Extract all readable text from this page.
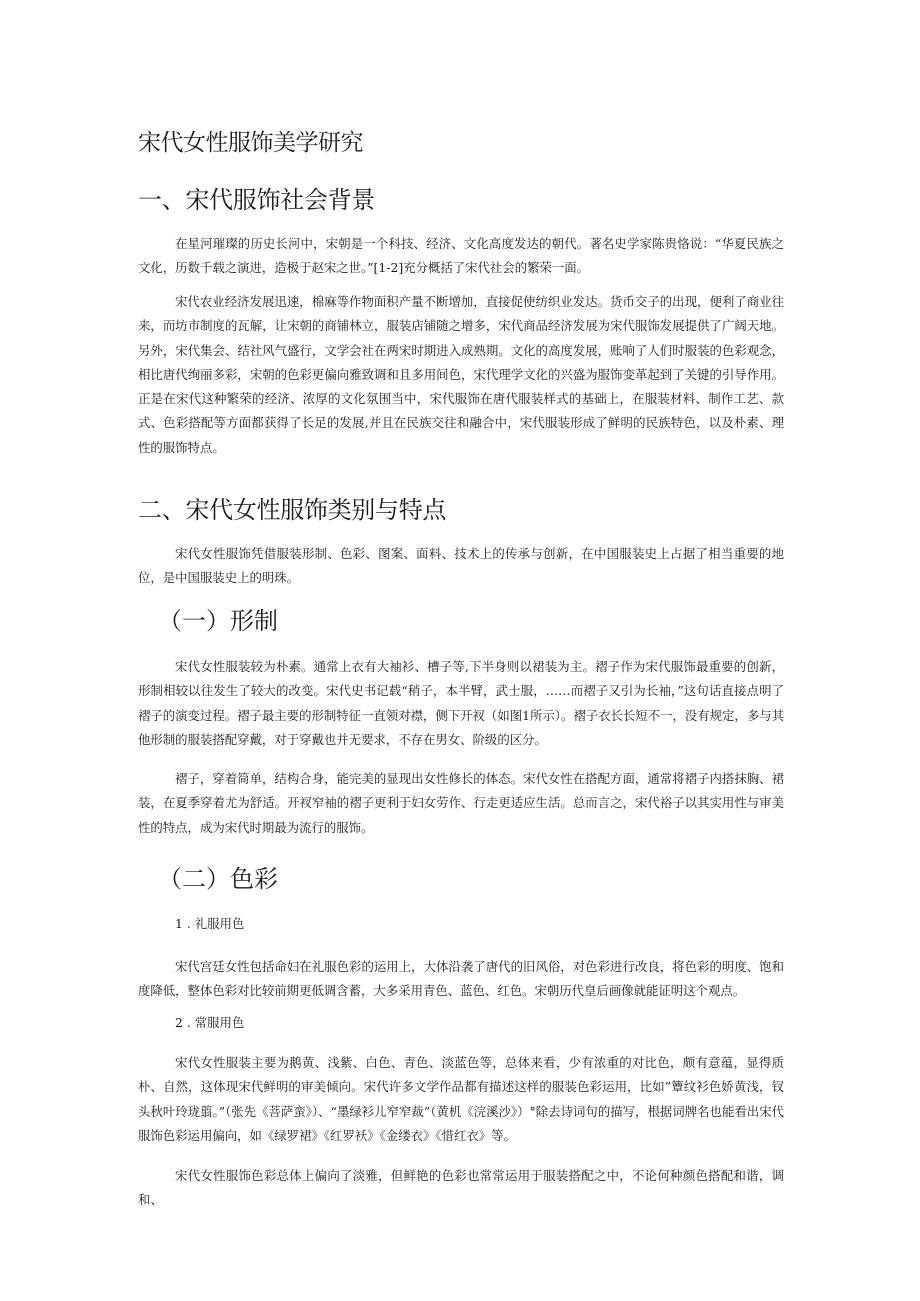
宋代女性服饰美学研究
一、宋代服饰社会背景

在星河璀璨的历史长河中，宋朝是一个科技、经济、文化高度发达的朝代。著名史学家陈贵恪说：“华夏民族之文化，历数千载之演进，造极于赵宋之世。”[1-2]充分概括了宋代社会的繁荣一面。

宋代农业经济发展迅速，棉麻等作物面积产量不断增加，直接促使纺织业发达。货币交子的出现，便利了商业往来，而坊市制度的瓦解，让宋朝的商铺林立，服装店铺随之增多，宋代商品经济发展为宋代服饰发展提供了广阔天地。另外，宋代集会、结社风气盛行，文学会社在两宋时期进入成熟期。文化的高度发展，账响了人们时服装的色彩观念，相比唐代绚丽多彩，宋朝的色彩更偏向雅致调和且多用间色，宋代理学文化的兴盛为服饰变革起到了关键的引导作用。正是在宋代这种繁荣的经济、浓厚的文化氛围当中，宋代服饰在唐代服装样式的基础上，在服装材料、制作工艺、款式、色彩搭配等方面都获得了长足的发展,并且在民族交往和融合中，宋代服装形成了鲜明的民族特色，以及朴素、理性的服饰特点。

二、宋代女性服饰类别与特点

宋代女性服饰凭借服装形制、色彩、图案、面料、技术上的传承与创新，在中国服装史上占据了相当重要的地位，是中国服装史上的明珠。

（一）形制

宋代女性服装较为朴素。通常上衣有大袖衫、槽子等,下半身则以裙装为主。褶子作为宋代服饰最重要的创新，形制相较以往发生了较大的改变。宋代史书记载“稍子，本半臂，武士服，……而褶子又引为长袖，”这句话直接点明了褶子的演变过程。褶子最主要的形制特征一直领对襟，侧下开衩（如图1所示）。褶子衣长长短不一，没有规定，多与其他形制的服装搭配穿戴，对于穿戴也并无要求，不存在男女、阶级的区分。

褶子，穿着简单，结构合身，能完美的显现出女性修长的体态。宋代女性在搭配方面，通常将褶子内搭抹胸、裙装，在夏季穿着尤为舒适。开衩窄袖的褶子更利于妇女劳作、行走更适应生活。总而言之，宋代裕子以其实用性与审美性的特点，成为宋代时期最为流行的服饰。

（二）色彩

1 . 礼服用色

宋代宫廷女性包括命妇在礼服色彩的运用上，大体沿袭了唐代的旧风俗，对色彩进行改良，将色彩的明度、饱和度降低，整体色彩对比较前期更低调含蓄，大多采用青色、蓝色、红色。宋朝历代皇后画像就能证明这个观点。

2 . 常服用色

宋代女性服装主要为鹅黄、浅紫、白色、青色、淡蓝色等，总体来看，少有浓重的对比色，颇有意蕴，显得质朴、自然，这体现宋代鲜明的审美倾向。宋代许多文学作品都有描述这样的服装色彩运用，比如”簟纹衫色娇黄浅，钗头秋叶玲珑翦。”（张先《菩萨蛮》）、“墨绿衫儿窄窄裁”（黄机《浣溪沙》）°除去诗词句的描写，根据词牌名也能看出宋代服饰色彩运用偏向，如《绿罗裙》《红罗袄》《金缕衣》《惜红衣》等。

宋代女性服饰色彩总体上偏向了淡雅，但鲜艳的色彩也常常运用于服装搭配之中，不论何种颜色搭配和谐，调和、
